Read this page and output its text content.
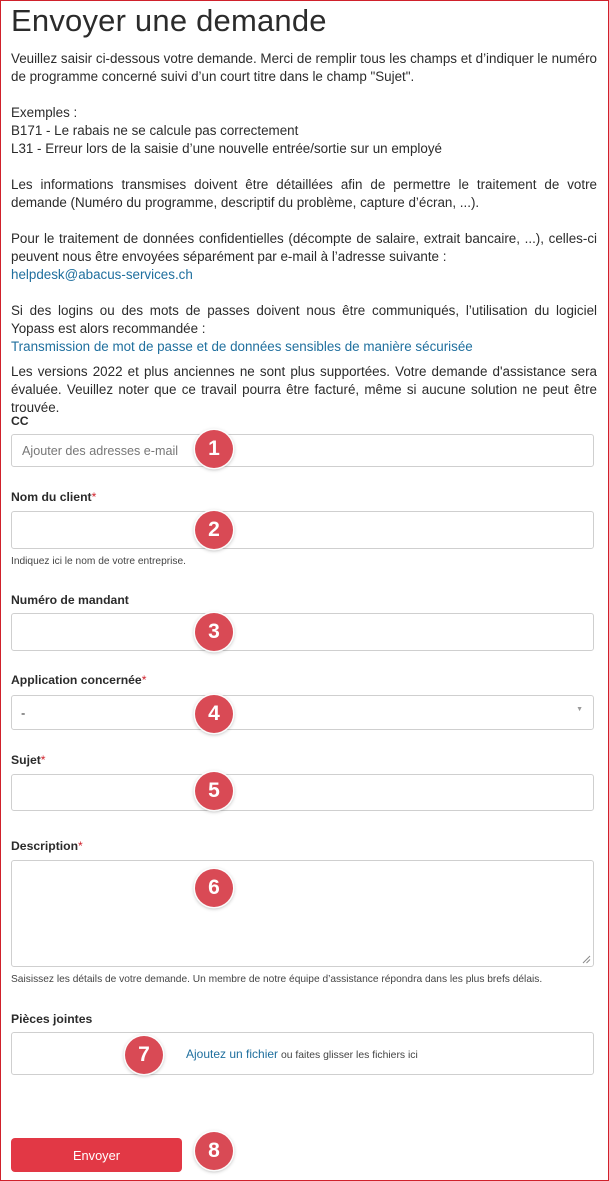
Envoyer une demande

Veuillez saisir ci-dessous votre demande. Merci de remplir tous les champs et d’indiquer le numéro de programme concerné suivi d’un court titre dans le champ "Sujet".

Exemples :

B171 - Le rabais ne se calcule pas correctement

L31 - Erreur lors de la saisie d’une nouvelle entrée/sortie sur un employé

Les informations transmises doivent être détaillées afin de permettre le traitement de votre demande (Numéro du programme, descriptif du problème, capture d’écran, ...).

Pour le traitement de données confidentielles (décompte de salaire, extrait bancaire, ...), celles-ci peuvent nous être envoyées séparément par e-mail à l’adresse suivante :

helpdesk@abacus-services.ch

Si des logins ou des mots de passes doivent nous être communiqués, l’utilisation du logiciel Yopass est alors recommandée :

Transmission de mot de passe et de données sensibles de manière sécurisée

Les versions 2022 et plus anciennes ne sont plus supportées. Votre demande d'assistance sera évaluée. Veuillez noter que ce travail pourra être facturé, même si aucune solution ne peut être trouvée.

CC
Ajouter des adresses e-mail
Nom du client*
Indiquez ici le nom de votre entreprise.
Numéro de mandant
Application concernée*
-	▼
Sujet*
Description*
Saisissez les détails de votre demande. Un membre de notre équipe d’assistance répondra dans les plus brefs délais.
Pièces jointes
Ajoutez un fichier ou faites glisser les fichiers ici
Envoyer
1
2
3
4
5
6
7
8
